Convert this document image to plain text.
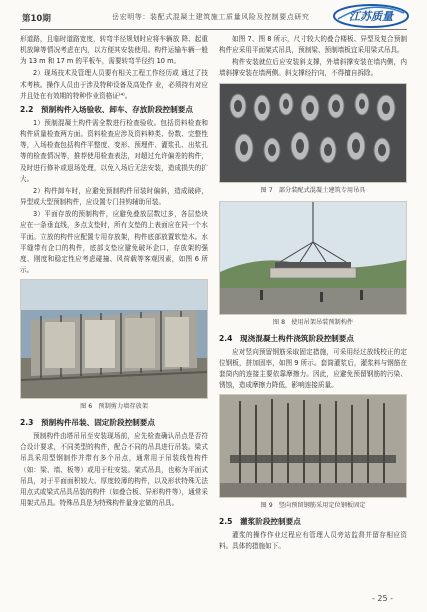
第10期	岳宏明等：装配式混凝土建筑施工质量风险及控制要点研究	江苏质量

形道路，且临时道路宽度，转弯半径规划时应将车辆放 降、起重机放障等情况考虑在内，以方便其安装使用。构件运输车辆一般为 13 m 和 17 m 的平板车，需要转弯半径约 10 m。

2）现场技术及管理人员要有相关工程工作经历或 通过了技术考核。操作人员由于涉及特种设备及高处作 业，必须持有对应并且处在有效期的特种作业资格证⁽⁴⁾。

2.2　预制构件入场验收、卸车、存放阶段控制要点

1）预制混凝土构件需全数进行检查验收。包括资料检查和构件质量检查两方面。资料检查应涉及资料种类、份数、完整性等，入场检查包括构件平整度、变形、预埋件、灌浆孔、出浆孔等的检查情况等，推荐使用检查表法，对超过允许偏差的构件，及时进行修补或退场处理，以免入场后无法安装，造成损失的扩大。

2）构件卸车时，应避免预制构件吊装时偏斜，造成破碎，异型或大型预制构件，应设置专门挂钩辅助吊装。

3）平面存放的预制构件，应避免叠放层数过多，各层垫块应在一条垂直线，多点支垫时，所有支垫的上表面应在同一个水平面。立放的构件应配置专用存放架，构件底部放置软垫木。水平缝带有企口的构件，底部支垫应避免破坏企口，存放架的强度、刚度和稳定性应考虑碰撞、风荷载等客观因素，如图 6 所示。

图 6　预制剪力墙存放架
2.3　预制构件吊装、固定阶段控制要点

预制构件由塔吊吊至安装现场前，应先检查确认吊点是否符合设计要求，不同类型的构件，配合不同的吊具进行吊装。梁式吊具采用型钢制作并带有多个吊点，通常用于吊装线性构件（如：梁、墙、板等）或用于柱安装。架式吊具，也称为平面式吊具，对于平面面积较大、厚度较薄的构件，以及形状特殊无法用点式或梁式吊具吊装的构件（如叠合板、异形构件等），通常采用架式吊具。特殊吊具是为特殊构件量身定做的吊具。

如图 7、图 8 所示，尺寸较大的叠合楼板、异型及复合预制构件应采用平面架式吊具，预制梁、预制墙板宜采用梁式吊具。

构件安装就位后应安装斜支撑，外墙斜撑安装在墙内侧，内墙斜撑安装在墙两侧。斜支撑经拧向，不得擅自拆除。

图 7　部分装配式混凝土建筑专用吊具
图 8　使用吊架吊装预制构件
2.4　现浇混凝土构件浇筑阶段控制要点

应对竖向预留钢筋采取固定措施，可采用经过放线校正的定位钢板，拼加固率，如图 9 所示。套筒灌浆后，灌浆料与钢筋在套筒内的连接主要依靠摩擦力。因此，应避免预留钢筋的污染、锈蚀，造成摩擦力降低，影响连接质量。

图 9　竖向预留钢筋采用定位钢板固定
2.5　灌浆阶段控制要点

灌浆的操作作业过程应有管理人员旁站监督并留存相应资料。具体的措施如下。

- 25 -
